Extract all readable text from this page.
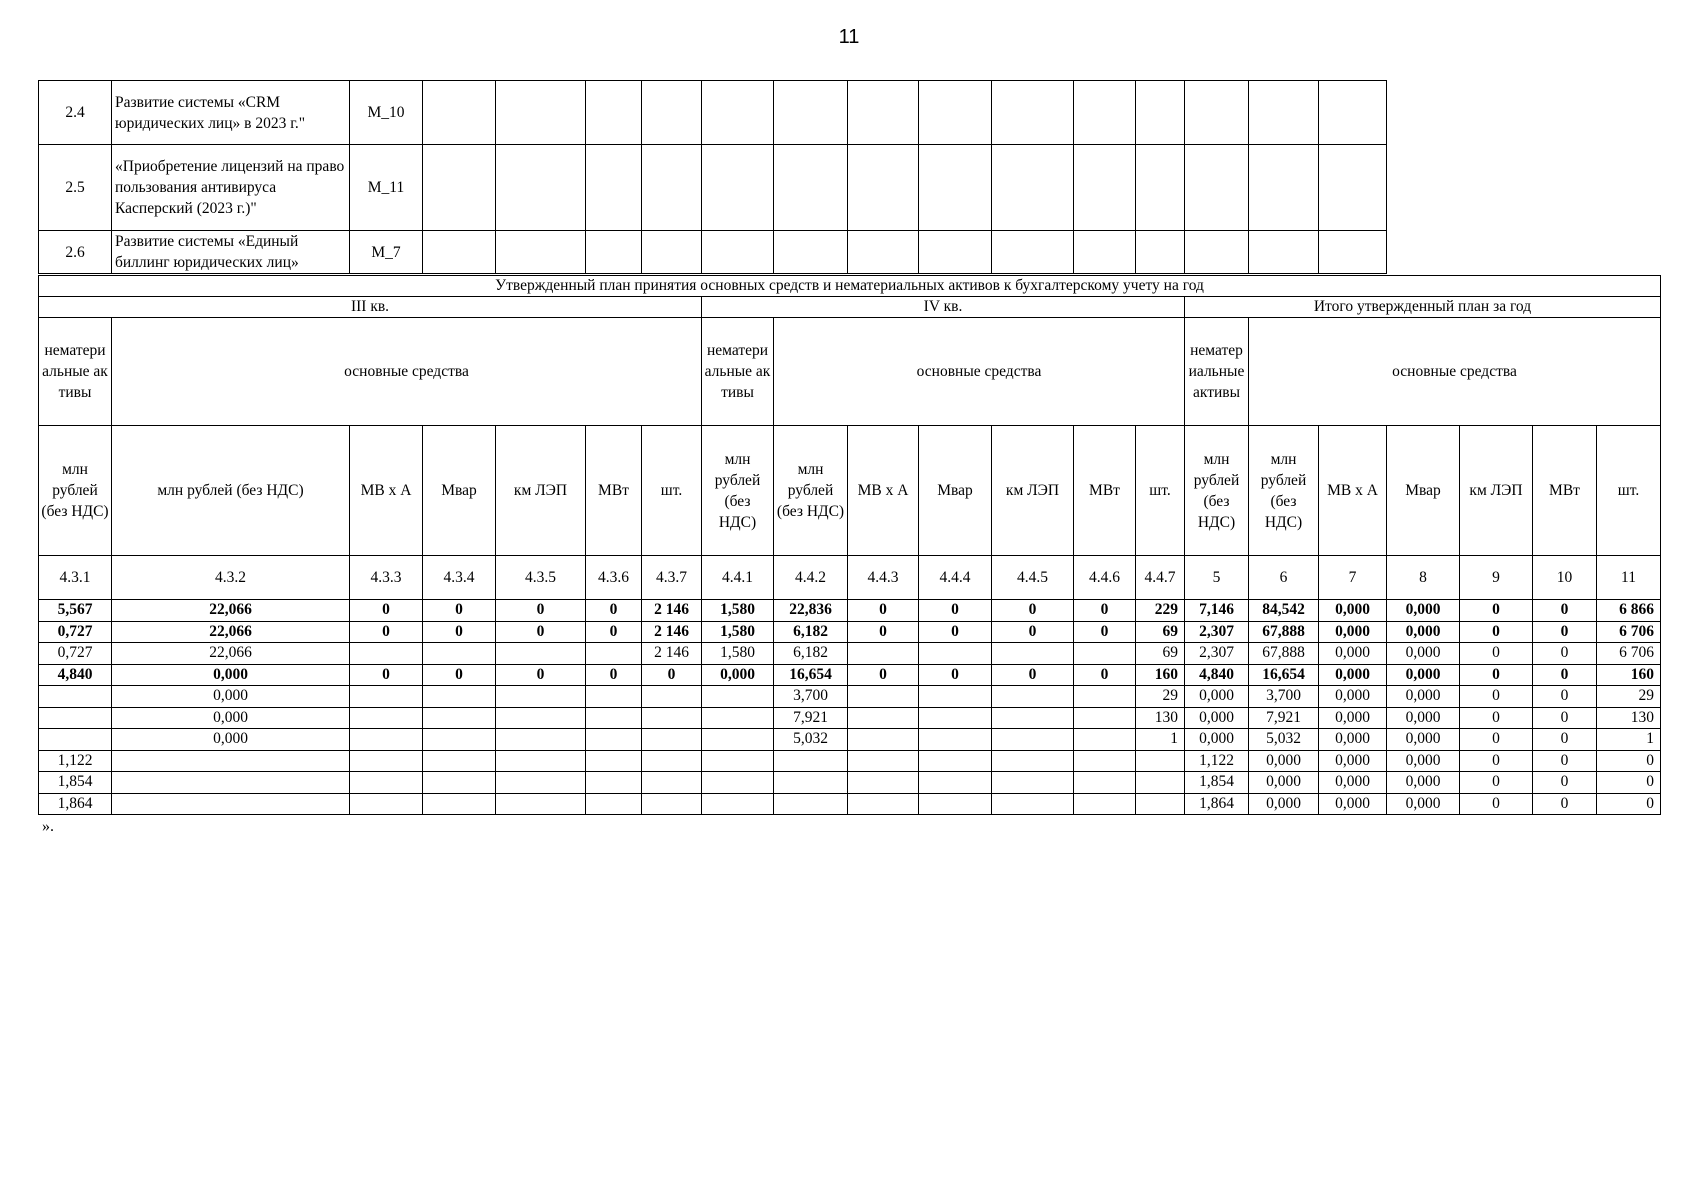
11
2.4	Развитие системы «CRM юридических лиц» в 2023 г."	M_10														
2.5	«Приобретение лицензий на право пользования антивируса Касперский (2023 г.)"	M_11														
2.6	Развитие системы «Единый биллинг юридических лиц»	M_7														
Утвержденный план принятия основных средств и нематериальных активов к бухгалтерскому учету на год																				
III кв.							IV кв.							Итого утвержденный план за год						
нематериальные активы	основные средства						нематериальные активы	основные средства						нематериальные активы	основные средства					
млн рублей (без НДС)	млн рублей (без НДС)	МВ x А	Мвар	км ЛЭП	МВт	шт.	млн рублей (без НДС)	млн рублей (без НДС)	МВ x А	Мвар	км ЛЭП	МВт	шт.	млн рублей (без НДС)	млн рублей (без НДС)	МВ x А	Мвар	км ЛЭП	МВт	шт.
4.3.1	4.3.2	4.3.3	4.3.4	4.3.5	4.3.6	4.3.7	4.4.1	4.4.2	4.4.3	4.4.4	4.4.5	4.4.6	4.4.7	5	6	7	8	9	10	11
5,567	22,066	0	0	0	0	2 146	1,580	22,836	0	0	0	0	229	7,146	84,542	0,000	0,000	0	0	6 866
0,727	22,066	0	0	0	0	2 146	1,580	6,182	0	0	0	0	69	2,307	67,888	0,000	0,000	0	0	6 706
0,727	22,066					2 146	1,580	6,182					69	2,307	67,888	0,000	0,000	0	0	6 706
4,840	0,000	0	0	0	0	0	0,000	16,654	0	0	0	0	160	4,840	16,654	0,000	0,000	0	0	160
	0,000							3,700					29	0,000	3,700	0,000	0,000	0	0	29
	0,000							7,921					130	0,000	7,921	0,000	0,000	0	0	130
	0,000							5,032					1	0,000	5,032	0,000	0,000	0	0	1
1,122														1,122	0,000	0,000	0,000	0	0	0
1,854														1,854	0,000	0,000	0,000	0	0	0
1,864														1,864	0,000	0,000	0,000	0	0	0
».
